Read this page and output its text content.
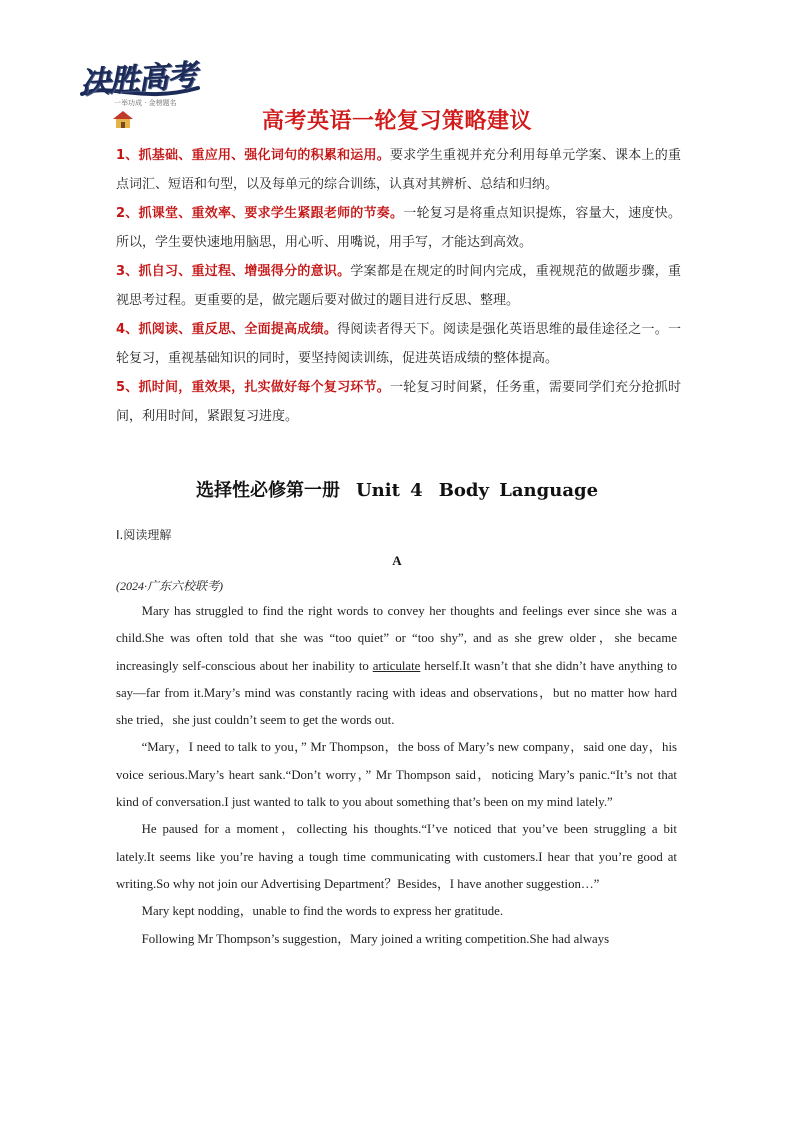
决胜高考
一举功成 · 金榜题名
高考英语一轮复习策略建议
1、抓基础、重应用、强化词句的积累和运用。要求学生重视并充分利用每单元学案、课本上的重点词汇、短语和句型，以及每单元的综合训练，认真对其辨析、总结和归纳。
2、抓课堂、重效率、要求学生紧跟老师的节奏。一轮复习是将重点知识提炼，容量大，速度快。所以，学生要快速地用脑思，用心听、用嘴说，用手写，才能达到高效。
3、抓自习、重过程、增强得分的意识。学案都是在规定的时间内完成，重视规范的做题步骤，重视思考过程。更重要的是，做完题后要对做过的题目进行反思、整理。
4、抓阅读、重反思、全面提高成绩。得阅读者得天下。阅读是强化英语思维的最佳途径之一。一轮复习，重视基础知识的同时，要坚持阅读训练，促进英语成绩的整体提高。
5、抓时间，重效果，扎实做好每个复习环节。一轮复习时间紧，任务重，需要同学们充分抢抓时间，利用时间，紧跟复习进度。
选择性必修第一册 Unit 4 Body Language
Ⅰ.阅读理解
A
(2024·广东六校联考)

Mary has struggled to find the right words to convey her thoughts and feelings ever since she was a child.She was often told that she was “too quiet” or “too shy”, and as she grew older，she became increasingly self-conscious about her inability to articulate herself.It wasn’t that she didn’t have anything to say—far from it.Mary’s mind was constantly racing with ideas and observations，but no matter how hard she tried，she just couldn’t seem to get the words out.

“Mary，I need to talk to you，” Mr Thompson，the boss of Mary’s new company，said one day，his voice serious.Mary’s heart sank.“Don’t worry，” Mr Thompson said，noticing Mary’s panic.“It’s not that kind of conversation.I just wanted to talk to you about something that’s been on my mind lately.”

He paused for a moment，collecting his thoughts.“I’ve noticed that you’ve been struggling a bit lately.It seems like you’re having a tough time communicating with customers.I hear that you’re good at writing.So why not join our Advertising Department？Besides，I have another suggestion…”

Mary kept nodding，unable to find the words to express her gratitude.

Following Mr Thompson’s suggestion，Mary joined a writing competition.She had always
